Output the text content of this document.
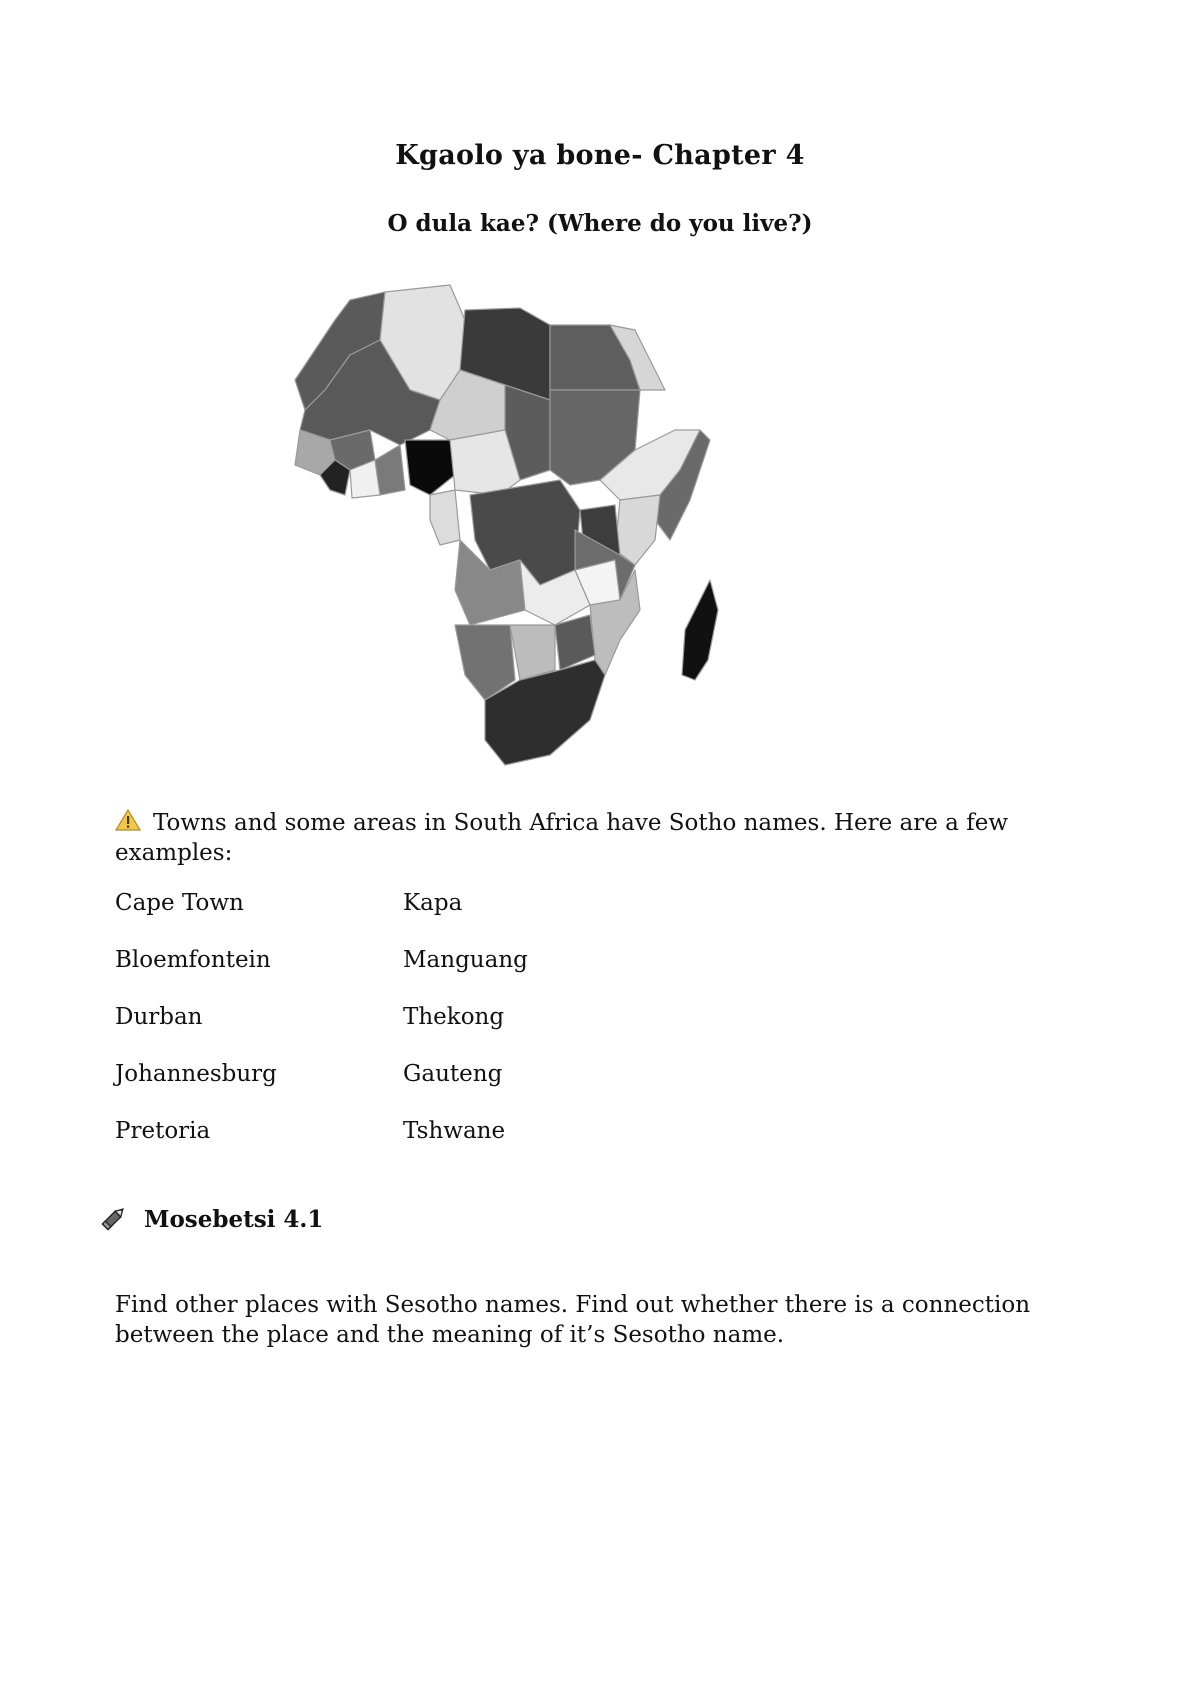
Kgaolo ya bone- Chapter 4
O dula kae? (Where do you live?)
Towns and some areas in South Africa have Sotho names. Here are a few examples:
Cape Town	Kapa
Bloemfontein	Manguang
Durban	Thekong
Johannesburg	Gauteng
Pretoria	Tshwane
Mosebetsi 4.1
Find other places with Sesotho names. Find out whether there is a connection between the place and the meaning of it’s Sesotho name.
